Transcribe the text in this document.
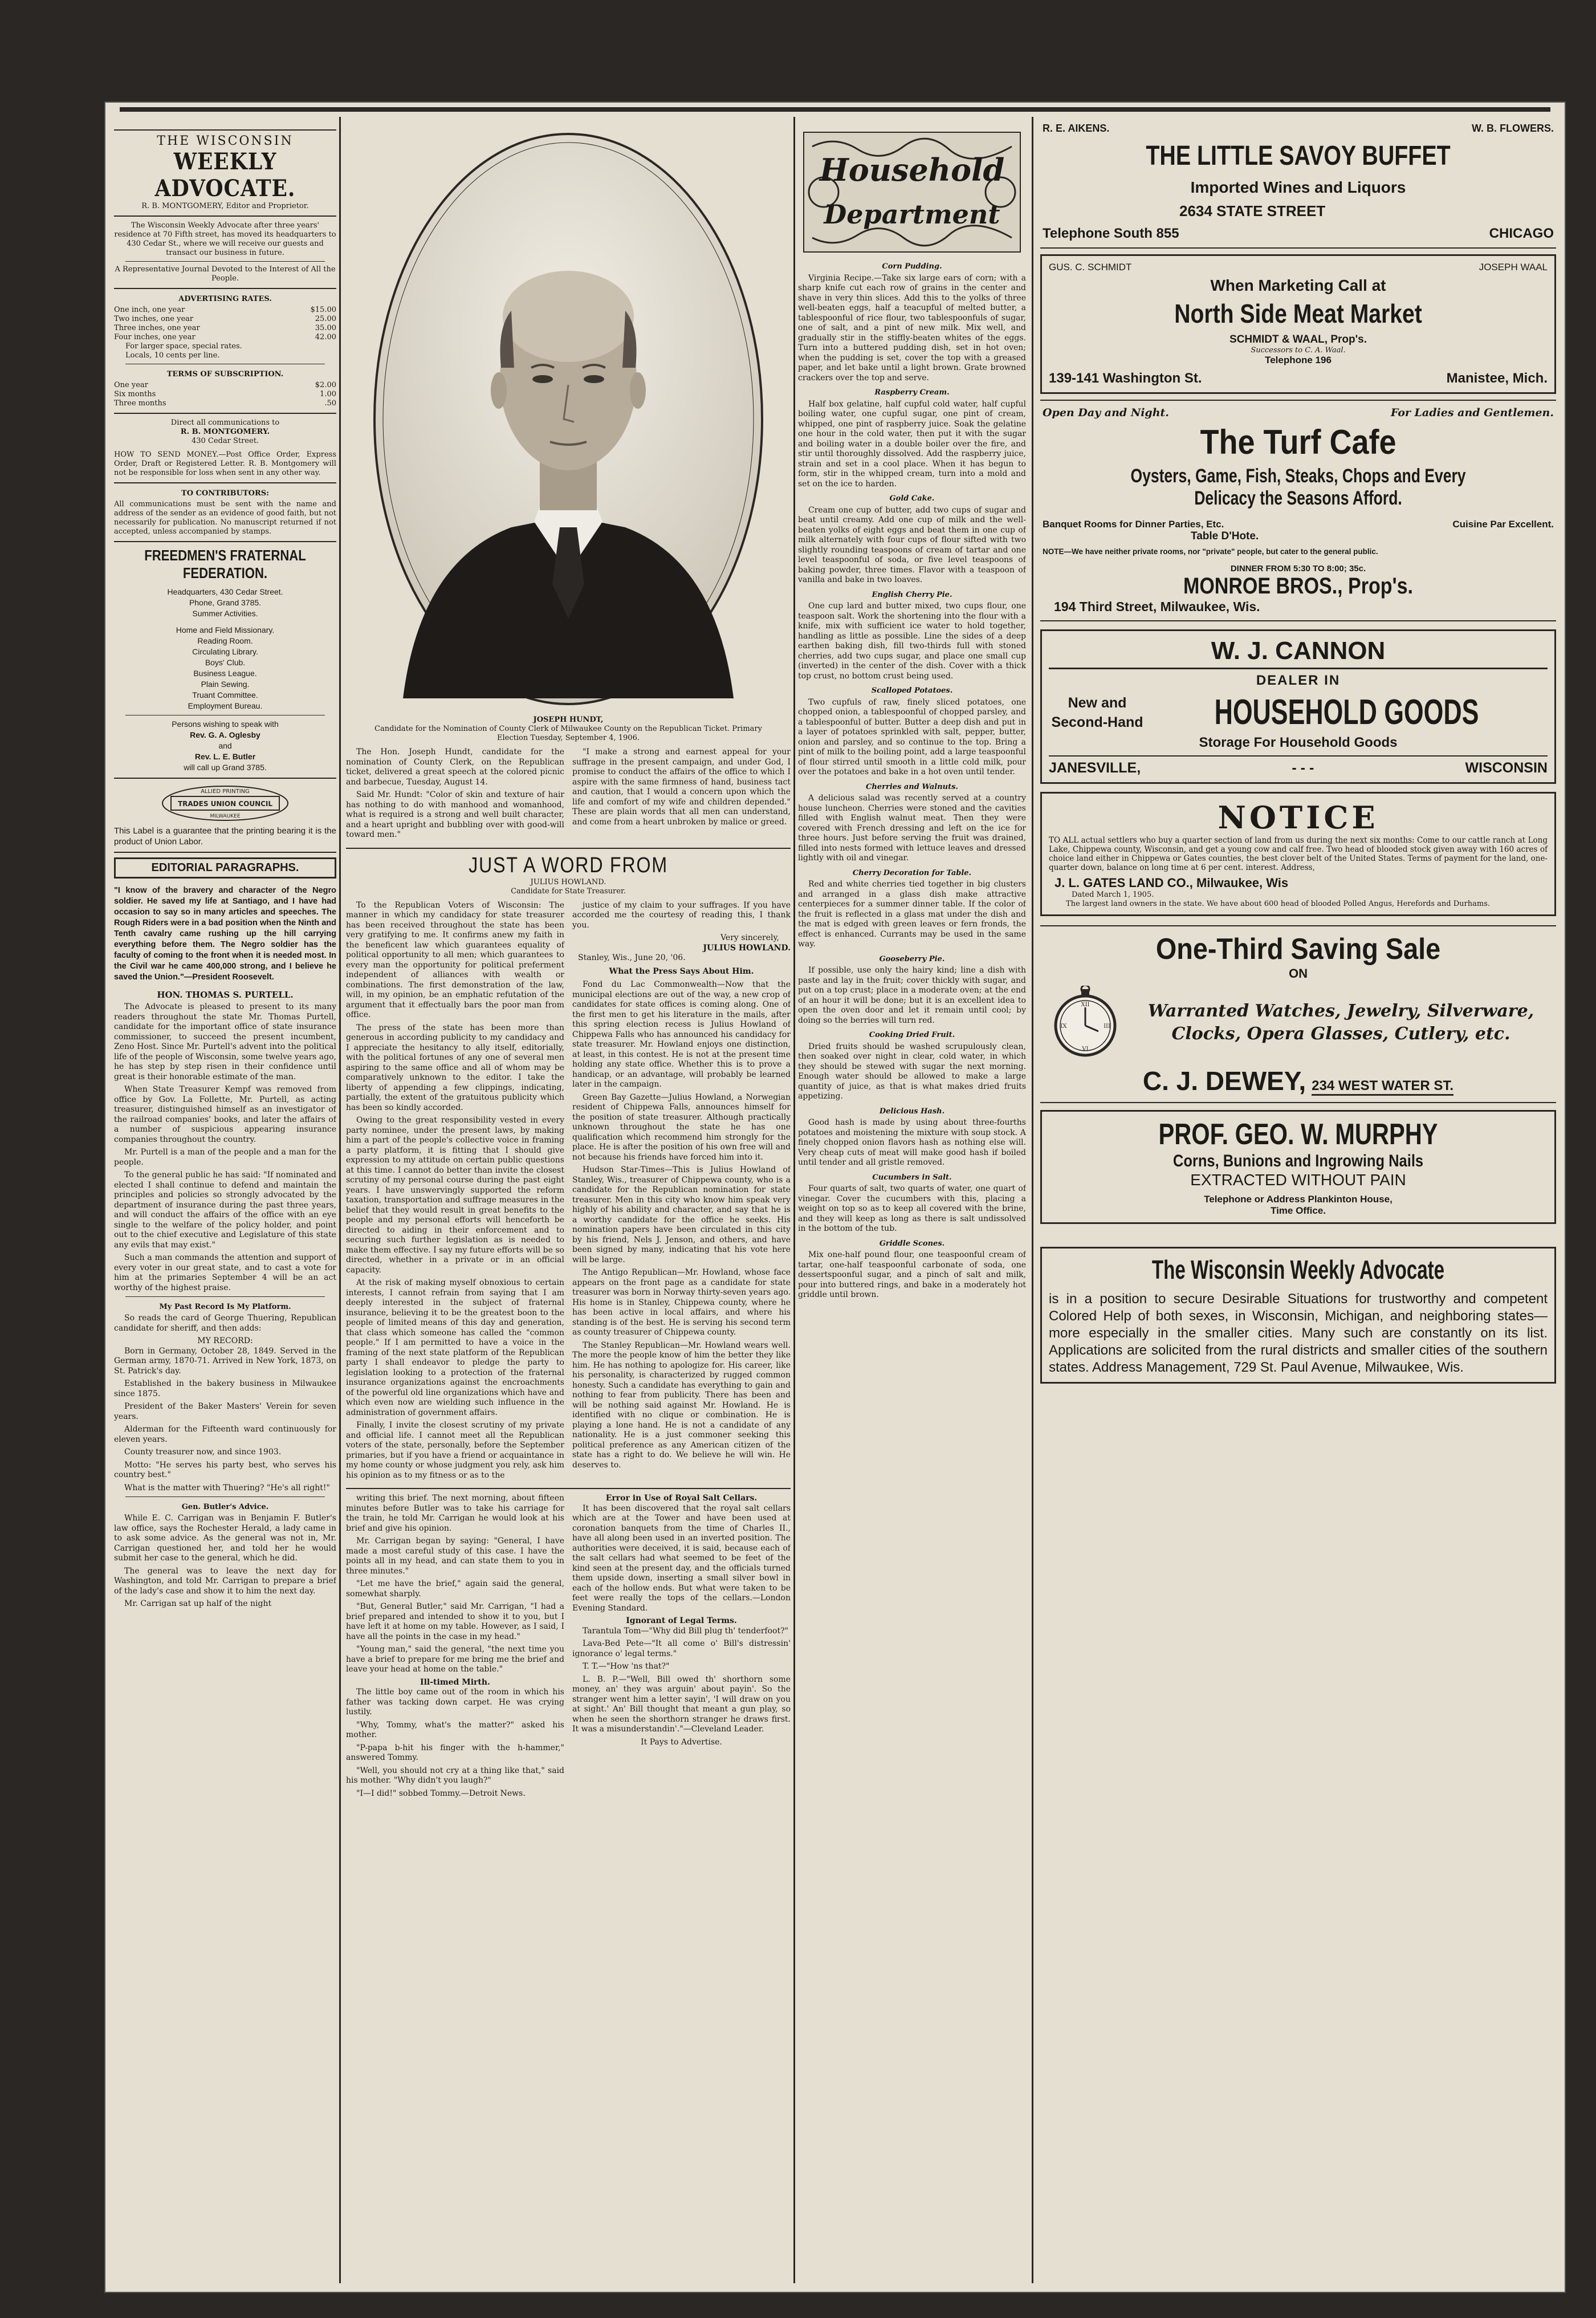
THE WISCONSIN
WEEKLY ADVOCATE.
R. B. MONTGOMERY, Editor and Proprietor.
The Wisconsin Weekly Advocate after three years' residence at 70 Fifth street, has moved its headquarters to 430 Cedar St., where we will receive our guests and transact our business in future.
A Representative Journal Devoted to the Interest of All the People.
ADVERTISING RATES.
One inch, one year	$15.00
Two inches, one year	25.00
Three inches, one year	35.00
Four inches, one year	42.00
For larger space, special rates.
Locals, 10 cents per line.
TERMS OF SUBSCRIPTION.
One year	$2.00
Six months	1.00
Three months	.50
Direct all communications to
R. B. MONTGOMERY.
430 Cedar Street.
HOW TO SEND MONEY.—Post Office Order, Express Order, Draft or Registered Letter. R. B. Montgomery will not be responsible for loss when sent in any other way.
TO CONTRIBUTORS:
All communications must be sent with the name and address of the sender as an evidence of good faith, but not necessarily for publication. No manuscript returned if not accepted, unless accompanied by stamps.
FREEDMEN'S FRATERNAL
FEDERATION.
Headquarters, 430 Cedar Street.
Phone, Grand 3785.
Summer Activities.
Home and Field Missionary.
Reading Room.
Circulating Library.
Boys' Club.
Business League.
Plain Sewing.
Truant Committee.
Employment Bureau.
Persons wishing to speak with
Rev. G. A. Oglesby
and
Rev. L. E. Butler
will call up Grand 3785.
TRADES UNION COUNCIL
ALLIED PRINTING
MILWAUKEE
This Label is a guarantee that the printing bearing it is the product of Union Labor.
EDITORIAL PARAGRAPHS.
"I know of the bravery and character of the Negro soldier. He saved my life at Santiago, and I have had occasion to say so in many articles and speeches. The Rough Riders were in a bad position when the Ninth and Tenth cavalry came rushing up the hill carrying everything before them. The Negro soldier has the faculty of coming to the front when it is needed most. In the Civil war he came 400,000 strong, and I believe he saved the Union."—President Roosevelt.
HON. THOMAS S. PURTELL.

The Advocate is pleased to present to its many readers throughout the state Mr. Thomas Purtell, candidate for the important office of state insurance commissioner, to succeed the present incumbent, Zeno Host. Since Mr. Purtell's advent into the political life of the people of Wisconsin, some twelve years ago, he has step by step risen in their confidence until great is their honorable estimate of the man.

When State Treasurer Kempf was removed from office by Gov. La Follette, Mr. Purtell, as acting treasurer, distinguished himself as an investigator of the railroad companies' books, and later the affairs of a number of suspicious appearing insurance companies throughout the country.

Mr. Purtell is a man of the people and a man for the people.

To the general public he has said: "If nominated and elected I shall continue to defend and maintain the principles and policies so strongly advocated by the department of insurance during the past three years, and will conduct the affairs of the office with an eye single to the welfare of the policy holder, and point out to the chief executive and Legislature of this state any evils that may exist."

Such a man commands the attention and support of every voter in our great state, and to cast a vote for him at the primaries September 4 will be an act worthy of the highest praise.

My Past Record Is My Platform.

So reads the card of George Thuering, Republican candidate for sheriff, and then adds:

MY RECORD:

Born in Germany, October 28, 1849. Served in the German army, 1870-71. Arrived in New York, 1873, on St. Patrick's day.

Established in the bakery business in Milwaukee since 1875.

President of the Baker Masters' Verein for seven years.

Alderman for the Fifteenth ward continuously for eleven years.

County treasurer now, and since 1903.

Motto: "He serves his party best, who serves his country best."

What is the matter with Thuering? "He's all right!"

Gen. Butler's Advice.

While E. C. Carrigan was in Benjamin F. Butler's law office, says the Rochester Herald, a lady came in to ask some advice. As the general was not in, Mr. Carrigan questioned her, and told her he would submit her case to the general, which he did.

The general was to leave the next day for Washington, and told Mr. Carrigan to prepare a brief of the lady's case and show it to him the next day.

Mr. Carrigan sat up half of the night

JOSEPH HUNDT,
Candidate for the Nomination of County Clerk of Milwaukee County on the Republican Ticket. Primary Election Tuesday, September 4, 1906.

The Hon. Joseph Hundt, candidate for the nomination of County Clerk, on the Republican ticket, delivered a great speech at the colored picnic and barbecue, Tuesday, August 14.

Said Mr. Hundt: "Color of skin and texture of hair has nothing to do with manhood and womanhood, what is required is a strong and well built character, and a heart upright and bubbling over with good-will toward men."

"I make a strong and earnest appeal for your suffrage in the present campaign, and under God, I promise to conduct the affairs of the office to which I aspire with the same firmness of hand, business tact and caution, that I would a concern upon which the life and comfort of my wife and children depended." These are plain words that all men can understand, and come from a heart unbroken by malice or greed.

JUST A WORD FROM
JULIUS HOWLAND.
Candidate for State Treasurer.

To the Republican Voters of Wisconsin: The manner in which my candidacy for state treasurer has been received throughout the state has been very gratifying to me. It confirms anew my faith in the beneficent law which guarantees equality of political opportunity to all men; which guarantees to every man the opportunity for political preferment independent of alliances with wealth or combinations. The first demonstration of the law, will, in my opinion, be an emphatic refutation of the argument that it effectually bars the poor man from office.

The press of the state has been more than generous in according publicity to my candidacy and I appreciate the hesitancy to ally itself, editorially, with the political fortunes of any one of several men aspiring to the same office and all of whom may be comparatively unknown to the editor. I take the liberty of appending a few clippings, indicating, partially, the extent of the gratuitous publicity which has been so kindly accorded.

Owing to the great responsibility vested in every party nominee, under the present laws, by making him a part of the people's collective voice in framing a party platform, it is fitting that I should give expression to my attitude on certain public questions at this time. I cannot do better than invite the closest scrutiny of my personal course during the past eight years. I have unswervingly supported the reform taxation, transportation and suffrage measures in the belief that they would result in great benefits to the people and my personal efforts will henceforth be directed to aiding in their enforcement and to securing such further legislation as is needed to make them effective. I say my future efforts will be so directed, whether in a private or in an official capacity.

At the risk of making myself obnoxious to certain interests, I cannot refrain from saying that I am deeply interested in the subject of fraternal insurance, believing it to be the greatest boon to the people of limited means of this day and generation, that class which someone has called the "common people." If I am permitted to have a voice in the framing of the next state platform of the Republican party I shall endeavor to pledge the party to legislation looking to a protection of the fraternal insurance organizations against the encroachments of the powerful old line organizations which have and which even now are wielding such influence in the administration of government affairs.

Finally, I invite the closest scrutiny of my private and official life. I cannot meet all the Republican voters of the state, personally, before the September primaries, but if you have a friend or acquaintance in my home county or whose judgment you rely, ask him his opinion as to my fitness or as to the

justice of my claim to your suffrages. If you have accorded me the courtesy of reading this, I thank you.

Very sincerely,
JULIUS HOWLAND.
Stanley, Wis., June 20, '06.
What the Press Says About Him.

Fond du Lac Commonwealth—Now that the municipal elections are out of the way, a new crop of candidates for state offices is coming along. One of the first men to get his literature in the mails, after this spring election recess is Julius Howland of Chippewa Falls who has announced his candidacy for state treasurer. Mr. Howland enjoys one distinction, at least, in this contest. He is not at the present time holding any state office. Whether this is to prove a handicap, or an advantage, will probably be learned later in the campaign.

Green Bay Gazette—Julius Howland, a Norwegian resident of Chippewa Falls, announces himself for the position of state treasurer. Although practically unknown throughout the state he has one qualification which recommend him strongly for the place. He is after the position of his own free will and not because his friends have forced him into it.

Hudson Star-Times—This is Julius Howland of Stanley, Wis., treasurer of Chippewa county, who is a candidate for the Republican nomination for state treasurer. Men in this city who know him speak very highly of his ability and character, and say that he is a worthy candidate for the office he seeks. His nomination papers have been circulated in this city by his friend, Nels J. Jenson, and others, and have been signed by many, indicating that his vote here will be large.

The Antigo Republican—Mr. Howland, whose face appears on the front page as a candidate for state treasurer was born in Norway thirty-seven years ago. His home is in Stanley, Chippewa county, where he has been active in local affairs, and where his standing is of the best. He is serving his second term as county treasurer of Chippewa county.

The Stanley Republican—Mr. Howland wears well. The more the people know of him the better they like him. He has nothing to apologize for. His career, like his personality, is characterized by rugged common honesty. Such a candidate has everything to gain and nothing to fear from publicity. There has been and will be nothing said against Mr. Howland. He is identified with no clique or combination. He is playing a lone hand. He is not a candidate of any nationality. He is a just commoner seeking this political preference as any American citizen of the state has a right to do. We believe he will win. He deserves to.

writing this brief. The next morning, about fifteen minutes before Butler was to take his carriage for the train, he told Mr. Carrigan he would look at his brief and give his opinion.

Mr. Carrigan began by saying: "General, I have made a most careful study of this case. I have the points all in my head, and can state them to you in three minutes."

"Let me have the brief," again said the general, somewhat sharply.

"But, General Butler," said Mr. Carrigan, "I had a brief prepared and intended to show it to you, but I have left it at home on my table. However, as I said, I have all the points in the case in my head."

"Young man," said the general, "the next time you have a brief to prepare for me bring me the brief and leave your head at home on the table."

Ill-timed Mirth.

The little boy came out of the room in which his father was tacking down carpet. He was crying lustily.

"Why, Tommy, what's the matter?" asked his mother.

"P-papa b-hit his finger with the h-hammer," answered Tommy.

"Well, you should not cry at a thing like that," said his mother. "Why didn't you laugh?"

"I—I did!" sobbed Tommy.—Detroit News.

Error in Use of Royal Salt Cellars.

It has been discovered that the royal salt cellars which are at the Tower and have been used at coronation banquets from the time of Charles II., have all along been used in an inverted position. The authorities were deceived, it is said, because each of the salt cellars had what seemed to be feet of the kind seen at the present day, and the officials turned them upside down, inserting a small silver bowl in each of the hollow ends. But what were taken to be feet were really the tops of the cellars.—London Evening Standard.

Ignorant of Legal Terms.

Tarantula Tom—"Why did Bill plug th' tenderfoot?"

Lava-Bed Pete—"It all come o' Bill's distressin' ignorance o' legal terms."

T. T.—"How 'ns that?"

L. B. P.—"Well, Bill owed th' shorthorn some money, an' they was arguin' about payin'. So the stranger went him a letter sayin', 'I will draw on you at sight.' An' Bill thought that meant a gun play, so when he seen the shorthorn stranger he draws first. It was a misunderstandin'."—Cleveland Leader.

It Pays to Advertise.
Household
Department
Corn Pudding.

Virginia Recipe.—Take six large ears of corn; with a sharp knife cut each row of grains in the center and shave in very thin slices. Add this to the yolks of three well-beaten eggs, half a teacupful of melted butter, a tablespoonful of rice flour, two tablespoonfuls of sugar, one of salt, and a pint of new milk. Mix well, and gradually stir in the stiffly-beaten whites of the eggs. Turn into a buttered pudding dish, set in hot oven; when the pudding is set, cover the top with a greased paper, and let bake until a light brown. Grate browned crackers over the top and serve.

Raspberry Cream.

Half box gelatine, half cupful cold water, half cupful boiling water, one cupful sugar, one pint of cream, whipped, one pint of raspberry juice. Soak the gelatine one hour in the cold water, then put it with the sugar and boiling water in a double boiler over the fire, and stir until thoroughly dissolved. Add the raspberry juice, strain and set in a cool place. When it has begun to form, stir in the whipped cream, turn into a mold and set on the ice to harden.

Gold Cake.

Cream one cup of butter, add two cups of sugar and beat until creamy. Add one cup of milk and the well-beaten yolks of eight eggs and beat them in one cup of milk alternately with four cups of flour sifted with two slightly rounding teaspoons of cream of tartar and one level teaspoonful of soda, or five level teaspoons of baking powder, three times. Flavor with a teaspoon of vanilla and bake in two loaves.

English Cherry Pie.

One cup lard and butter mixed, two cups flour, one teaspoon salt. Work the shortening into the flour with a knife, mix with sufficient ice water to hold together, handling as little as possible. Line the sides of a deep earthen baking dish, fill two-thirds full with stoned cherries, add two cups sugar, and place one small cup (inverted) in the center of the dish. Cover with a thick top crust, no bottom crust being used.

Scalloped Potatoes.

Two cupfuls of raw, finely sliced potatoes, one chopped onion, a tablespoonful of chopped parsley, and a tablespoonful of butter. Butter a deep dish and put in a layer of potatoes sprinkled with salt, pepper, butter, onion and parsley, and so continue to the top. Bring a pint of milk to the boiling point, add a large teaspoonful of flour stirred until smooth in a little cold milk, pour over the potatoes and bake in a hot oven until tender.

Cherries and Walnuts.

A delicious salad was recently served at a country house luncheon. Cherries were stoned and the cavities filled with English walnut meat. Then they were covered with French dressing and left on the ice for three hours. Just before serving the fruit was drained, filled into nests formed with lettuce leaves and dressed lightly with oil and vinegar.

Cherry Decoration for Table.

Red and white cherries tied together in big clusters and arranged in a glass dish make attractive centerpieces for a summer dinner table. If the color of the fruit is reflected in a glass mat under the dish and the mat is edged with green leaves or fern fronds, the effect is enhanced. Currants may be used in the same way.

Gooseberry Pie.

If possible, use only the hairy kind; line a dish with paste and lay in the fruit; cover thickly with sugar, and put on a top crust; place in a moderate oven; at the end of an hour it will be done; but it is an excellent idea to open the oven door and let it remain until cool; by doing so the berries will turn red.

Cooking Dried Fruit.

Dried fruits should be washed scrupulously clean, then soaked over night in clear, cold water, in which they should be stewed with sugar the next morning. Enough water should be allowed to make a large quantity of juice, as that is what makes dried fruits appetizing.

Delicious Hash.

Good hash is made by using about three-fourths potatoes and moistening the mixture with soup stock. A finely chopped onion flavors hash as nothing else will. Very cheap cuts of meat will make good hash if boiled until tender and all gristle removed.

Cucumbers in Salt.

Four quarts of salt, two quarts of water, one quart of vinegar. Cover the cucumbers with this, placing a weight on top so as to keep all covered with the brine, and they will keep as long as there is salt undissolved in the bottom of the tub.

Griddle Scones.

Mix one-half pound flour, one teaspoonful cream of tartar, one-half teaspoonful carbonate of soda, one dessertspoonful sugar, and a pinch of salt and milk, pour into buttered rings, and bake in a moderately hot griddle until brown.

R. E. AIKENS.	W. B. FLOWERS.
THE LITTLE SAVOY BUFFET
Imported Wines and Liquors
2634 STATE STREET
Telephone South 855	CHICAGO
GUS. C. SCHMIDT	JOSEPH WAAL
When Marketing Call at
North Side Meat Market
SCHMIDT & WAAL, Prop's.
Successors to C. A. Waal.
Telephone 196
139-141 Washington St.	Manistee, Mich.
Open Day and Night.	For Ladies and Gentlemen.
The Turf Cafe
Oysters, Game, Fish, Steaks, Chops and Every
Delicacy the Seasons Afford.
Banquet Rooms for Dinner Parties, Etc.	Cuisine Par Excellent.
Table D'Hote.
NOTE—We have neither private rooms, nor "private" people, but cater to the general public.
DINNER FROM 5:30 TO 8:00; 35c.
MONROE BROS., Prop's.
194 Third Street, Milwaukee, Wis.
W. J. CANNON
DEALER IN
New and
Second-Hand	HOUSEHOLD GOODS
Storage For Household Goods
JANESVILLE,	- - -	WISCONSIN
NOTICE
TO ALL actual settlers who buy a quarter section of land from us during the next six months: Come to our cattle ranch at Long Lake, Chippewa county, Wisconsin, and get a young cow and calf free. Two head of blooded stock given away with 160 acres of choice land either in Chippewa or Gates counties, the best clover belt of the United States. Terms of payment for the land, one-quarter down, balance on long time at 6 per cent. interest. Address,
J. L. GATES LAND CO., Milwaukee, Wis
Dated March 1, 1905.
The largest land owners in the state. We have about 600 head of blooded Polled Angus, Herefords and Durhams.
One-Third Saving Sale
ON
XII
III
VI
IX
Warranted Watches, Jewelry, Silverware, Clocks, Opera Glasses, Cutlery, etc.
C. J. DEWEY, 234 WEST WATER ST.
PROF. GEO. W. MURPHY
Corns, Bunions and Ingrowing Nails
EXTRACTED WITHOUT PAIN
Telephone or Address Plankinton House,
Time Office.
The Wisconsin Weekly Advocate
is in a position to secure Desirable Situations for trustworthy and competent Colored Help of both sexes, in Wisconsin, Michigan, and neighboring states—more especially in the smaller cities. Many such are constantly on its list. Applications are solicited from the rural districts and smaller cities of the southern states. Address Management, 729 St. Paul Avenue, Milwaukee, Wis.
